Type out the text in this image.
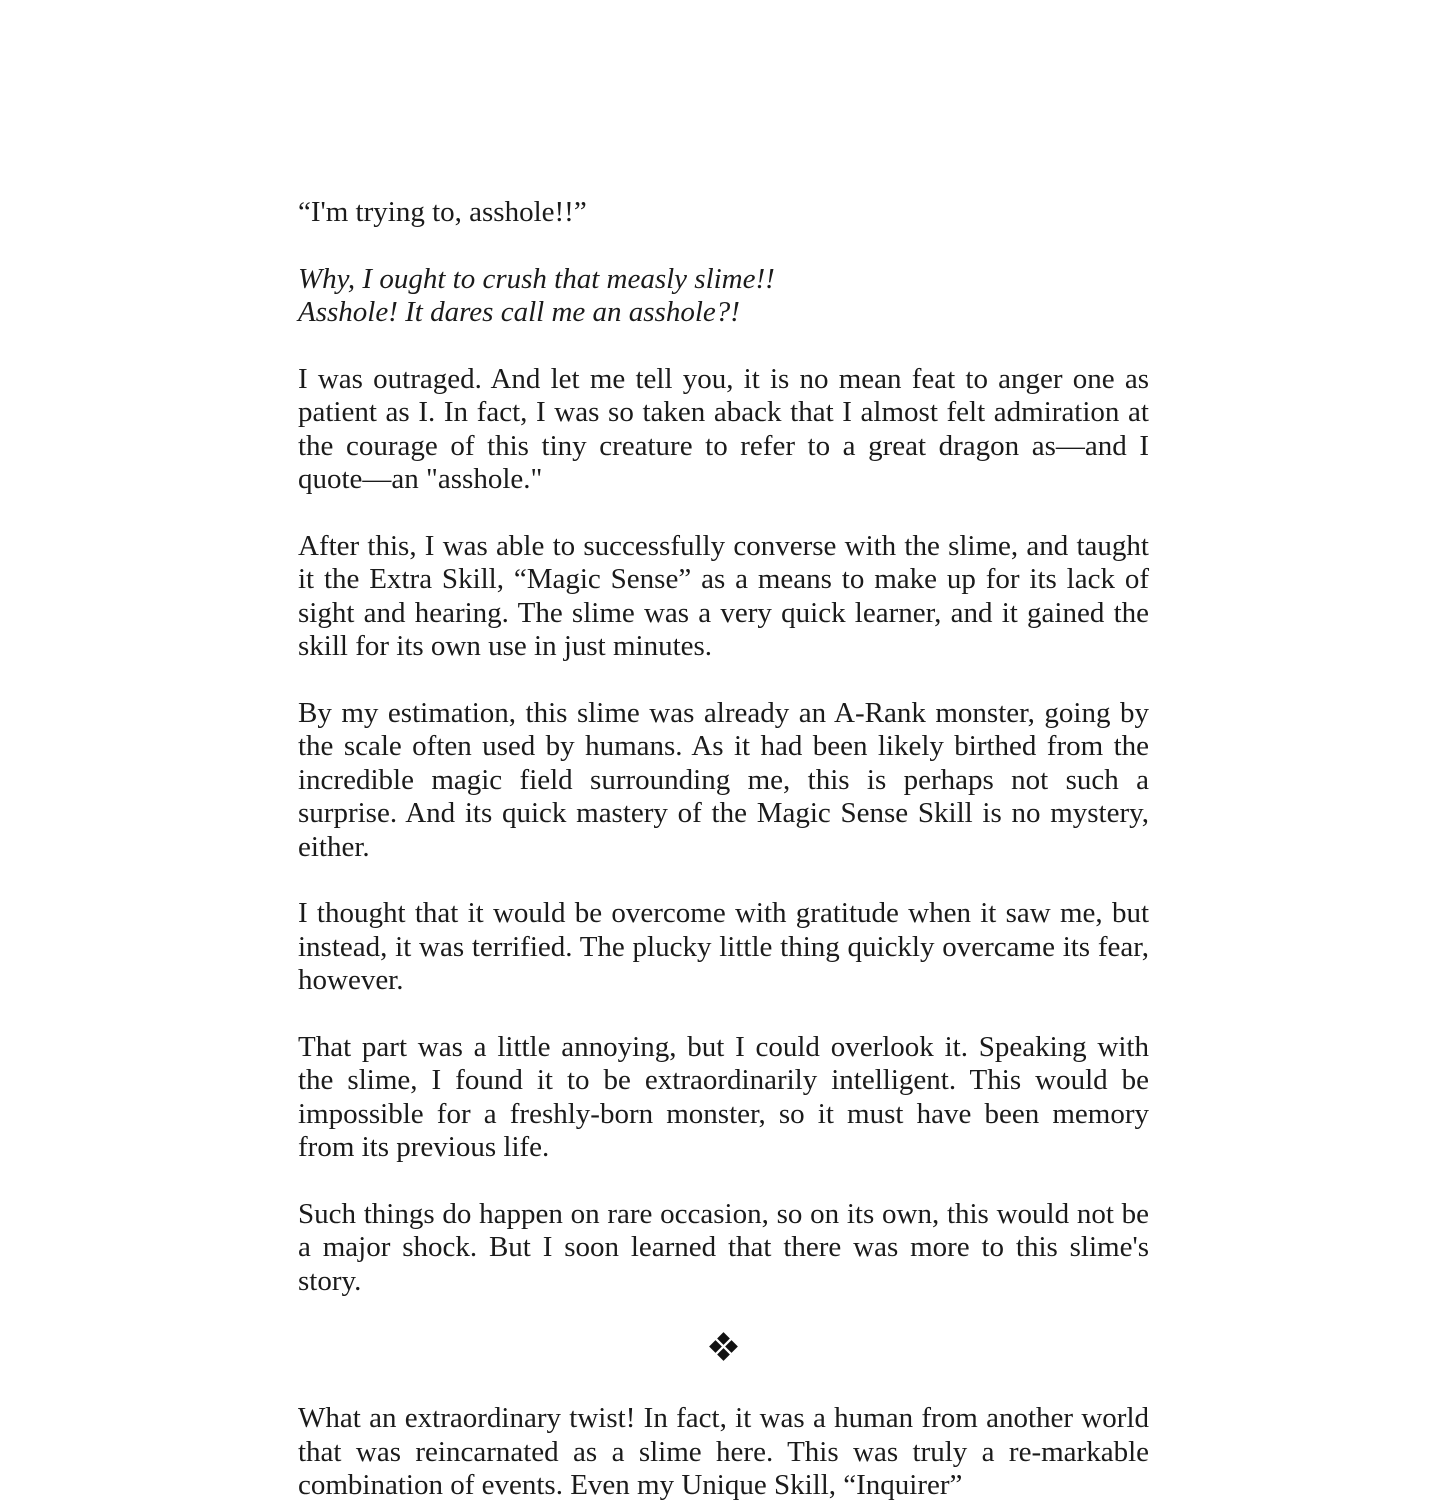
“I'm trying to, asshole!!”

Why, I ought to crush that measly slime!!
Asshole! It dares call me an asshole?!

I was outraged. And let me tell you, it is no mean feat to anger one as patient as I. In fact, I was so taken aback that I almost felt admiration at the courage of this tiny creature to refer to a great dragon as—and I quote—an "asshole."

After this, I was able to successfully converse with the slime, and taught it the Extra Skill, “Magic Sense” as a means to make up for its lack of sight and hearing. The slime was a very quick learner, and it gained the skill for its own use in just minutes.

By my estimation, this slime was already an A-Rank monster, going by the scale often used by humans. As it had been likely birthed from the incredible magic field surrounding me, this is perhaps not such a surprise. And its quick mastery of the Magic Sense Skill is no mystery, either.

I thought that it would be overcome with gratitude when it saw me, but instead, it was terrified. The plucky little thing quickly overcame its fear, however.

That part was a little annoying, but I could overlook it. Speaking with the slime, I found it to be extraordinarily intelligent. This would be impossible for a freshly-born monster, so it must have been memory from its previous life.

Such things do happen on rare occasion, so on its own, this would not be a major shock. But I soon learned that there was more to this slime's story.

What an extraordinary twist! In fact, it was a human from another world that was reincarnated as a slime here. This was truly a re-markable combination of events. Even my Unique Skill, “Inquirer”
